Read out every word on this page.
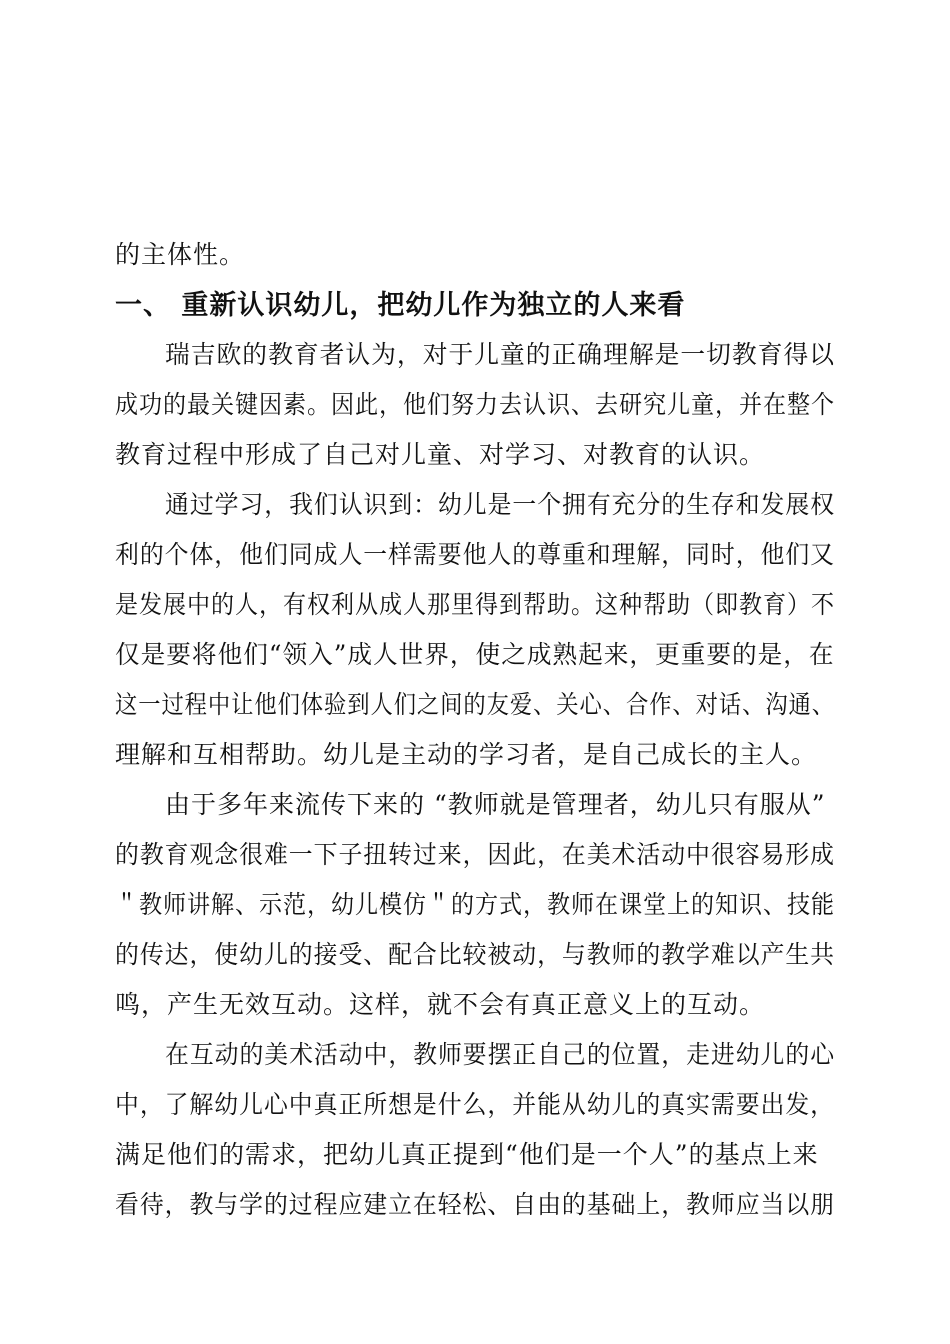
的主体性。
一、 重新认识幼儿，把幼儿作为独立的人来看
瑞吉欧的教育者认为，对于儿童的正确理解是一切教育得以
成功的最关键因素。因此，他们努力去认识、去研究儿童，并在整个
教育过程中形成了自己对儿童、对学习、对教育的认识。
通过学习，我们认识到：幼儿是一个拥有充分的生存和发展权
利的个体，他们同成人一样需要他人的尊重和理解，同时，他们又
是发展中的人，有权利从成人那里得到帮助。这种帮助（即教育）不
仅是要将他们“领入”成人世界，使之成熟起来，更重要的是，在
这一过程中让他们体验到人们之间的友爱、关心、合作、对话、沟通、
理解和互相帮助。幼儿是主动的学习者，是自己成长的主人。
由于多年来流传下来的 “教师就是管理者，幼儿只有服从”
的教育观念很难一下子扭转过来，因此，在美术活动中很容易形成
＂教师讲解、示范，幼儿模仿＂的方式，教师在课堂上的知识、技能
的传达，使幼儿的接受、配合比较被动，与教师的教学难以产生共
鸣，产生无效互动。这样，就不会有真正意义上的互动。
在互动的美术活动中，教师要摆正自己的位置，走进幼儿的心
中，了解幼儿心中真正所想是什么，并能从幼儿的真实需要出发，
满足他们的需求，把幼儿真正提到“他们是一个人”的基点上来
看待，教与学的过程应建立在轻松、自由的基础上，教师应当以朋
